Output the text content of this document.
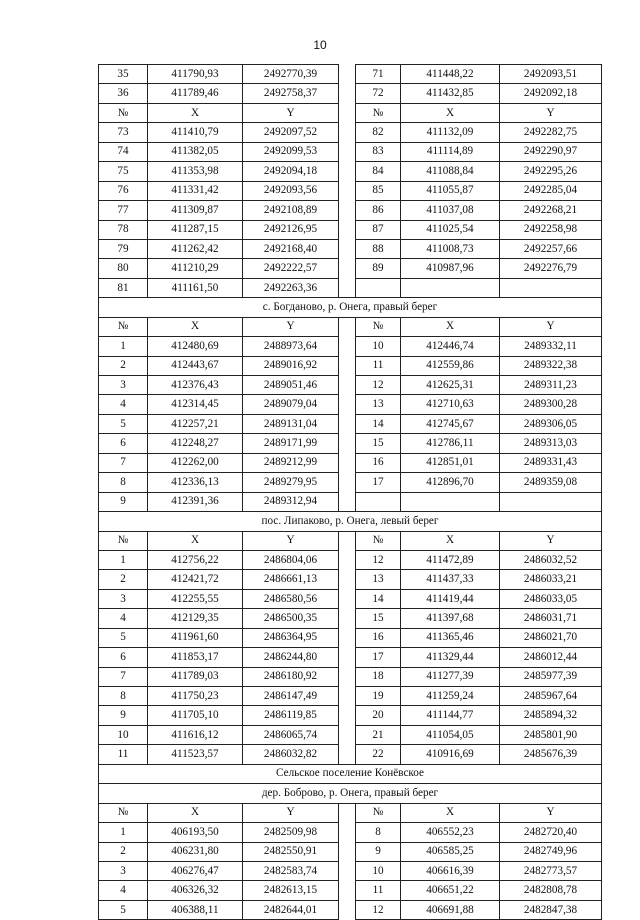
10
35	411790,93	2492770,39		71	411448,22	2492093,51
36	411789,46	2492758,37		72	411432,85	2492092,18
№	X	Y		№	X	Y
73	411410,79	2492097,52		82	411132,09	2492282,75
74	411382,05	2492099,53		83	411114,89	2492290,97
75	411353,98	2492094,18		84	411088,84	2492295,26
76	411331,42	2492093,56		85	411055,87	2492285,04
77	411309,87	2492108,89		86	411037,08	2492268,21
78	411287,15	2492126,95		87	411025,54	2492258,98
79	411262,42	2492168,40		88	411008,73	2492257,66
80	411210,29	2492222,57		89	410987,96	2492276,79
81	411161,50	2492263,36				
с. Богданово, р. Онега, правый берег						
№	X	Y		№	X	Y
1	412480,69	2488973,64		10	412446,74	2489332,11
2	412443,67	2489016,92		11	412559,86	2489322,38
3	412376,43	2489051,46		12	412625,31	2489311,23
4	412314,45	2489079,04		13	412710,63	2489300,28
5	412257,21	2489131,04		14	412745,67	2489306,05
6	412248,27	2489171,99		15	412786,11	2489313,03
7	412262,00	2489212,99		16	412851,01	2489331,43
8	412336,13	2489279,95		17	412896,70	2489359,08
9	412391,36	2489312,94				
пос. Липаково, р. Онега, левый берег						
№	X	Y		№	X	Y
1	412756,22	2486804,06		12	411472,89	2486032,52
2	412421,72	2486661,13		13	411437,33	2486033,21
3	412255,55	2486580,56		14	411419,44	2486033,05
4	412129,35	2486500,35		15	411397,68	2486031,71
5	411961,60	2486364,95		16	411365,46	2486021,70
6	411853,17	2486244,80		17	411329,44	2486012,44
7	411789,03	2486180,92		18	411277,39	2485977,39
8	411750,23	2486147,49		19	411259,24	2485967,64
9	411705,10	2486119,85		20	411144,77	2485894,32
10	411616,12	2486065,74		21	411054,05	2485801,90
11	411523,57	2486032,82		22	410916,69	2485676,39
Сельское поселение Конёвское						
дер. Боброво, р. Онега, правый берег						
№	X	Y		№	X	Y
1	406193,50	2482509,98		8	406552,23	2482720,40
2	406231,80	2482550,91		9	406585,25	2482749,96
3	406276,47	2482583,74		10	406616,39	2482773,57
4	406326,32	2482613,15		11	406651,22	2482808,78
5	406388,11	2482644,01		12	406691,88	2482847,38
